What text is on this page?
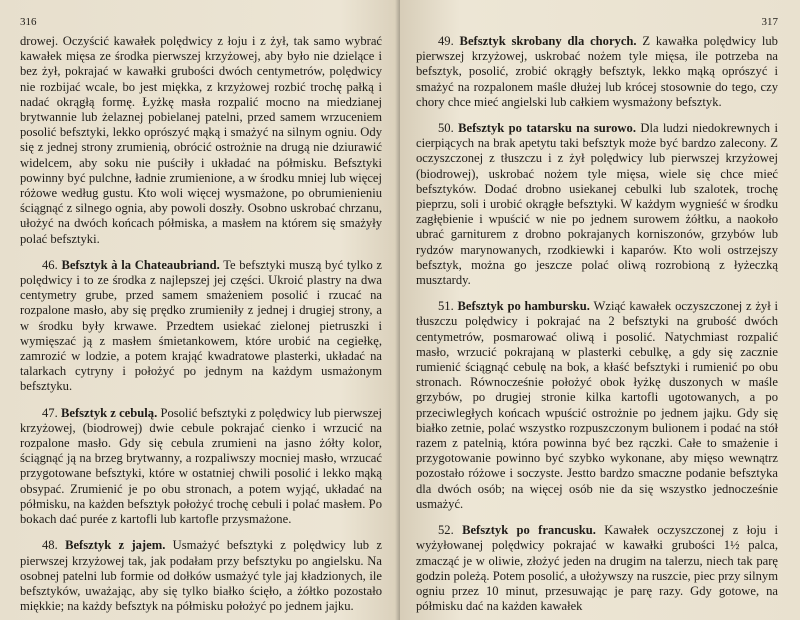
316

drowej. Oczyścić kawałek polędwicy z łoju i z żył, tak samo wybrać kawałek mięsa ze środka pierwszej krzyżowej, aby było nie dzielące i bez żył, pokrajać w kawałki grubości dwóch centymetrów, polędwicy nie rozbijać wcale, bo jest miękka, z krzyżowej rozbić trochę pałką i nadać okrągłą formę. Łyżkę masła rozpalić mocno na miedzianej brytwannie lub żelaznej pobielanej patelni, przed samem wrzuceniem posolić befsztyki, lekko oprószyć mąką i smażyć na silnym ogniu. Ody się z jednej strony zrumienią, obrócić ostrożnie na drugą nie dziurawić widelcem, aby soku nie puściły i układać na półmisku. Befsztyki powinny być pulchne, ładnie zrumienione, a w środku mniej lub więcej różowe według gustu. Kto woli więcej wysmażone, po obrumienieniu ściągnąć z silnego ognia, aby powoli doszły. Osobno uskrobać chrzanu, ułożyć na dwóch końcach półmiska, a masłem na którem się smażyły polać befsztyki.

46. Befsztyk à la Chateaubriand. Te befsztyki muszą być tylko z polędwicy i to ze środka z najlepszej jej części. Ukroić plastry na dwa centymetry grube, przed samem smażeniem posolić i rzucać na rozpalone masło, aby się prędko zrumieniły z jednej i drugiej strony, a w środku były krwawe. Przedtem usiekać zielonej pietruszki i wymięszać ją z masłem śmietankowem, które urobić na cegiełkę, zamrozić w lodzie, a potem krająć kwadratowe plasterki, układać na talarkach cytryny i położyć po jednym na każdym usmażonym befsztyku.

47. Befsztyk z cebulą. Posolić befsztyki z polędwicy lub pierwszej krzyżowej, (biodrowej) dwie cebule pokrajać cienko i wrzucić na rozpalone masło. Gdy się cebula zrumieni na jasno żółty kolor, ściągnąć ją na brzeg brytwanny, a rozpaliwszy mocniej masło, wrzucać przygotowane befsztyki, które w ostatniej chwili posolić i lekko mąką obsypać. Zrumienić je po obu stronach, a potem wyjąć, układać na półmisku, na każden befsztyk położyć trochę cebuli i polać masłem. Po bokach dać purée z kartofli lub kartofle przysmażone.

48. Befsztyk z jajem. Usmażyć befsztyki z polędwicy lub z pierwszej krzyżowej tak, jak podałam przy befsztyku po angielsku. Na osobnej patelni lub formie od dołków usmażyć tyle jaj kładzionych, ile befsztyków, uważając, aby się tylko białko ścięło, a żółtko pozostało miękkie; na każdy befsztyk na półmisku położyć po jednem jajku.

317

49. Befsztyk skrobany dla chorych. Z kawałka polędwicy lub pierwszej krzyżowej, uskrobać nożem tyle mięsa, ile potrzeba na befsztyk, posolić, zrobić okrągły befsztyk, lekko mąką oprószyć i smażyć na rozpalonem maśle dłużej lub krócej stosownie do tego, czy chory chce mieć angielski lub całkiem wysmażony befsztyk.

50. Befsztyk po tatarsku na surowo. Dla ludzi niedokrewnych i cierpiących na brak apetytu taki befsztyk może być bardzo zalecony. Z oczyszczonej z tłuszczu i z żył polędwicy lub pierwszej krzyżowej (biodrowej), uskrobać nożem tyle mięsa, wiele się chce mieć befsztyków. Dodać drobno usiekanej cebulki lub szalotek, trochę pieprzu, soli i urobić okrągłe befsztyki. W każdym wygnieść w środku zagłębienie i wpuścić w nie po jednem surowem żółtku, a naokoło ubrać garniturem z drobno pokrajanych korniszonów, grzybów lub rydzów marynowanych, rzodkiewki i kaparów. Kto woli ostrzejszy befsztyk, można go jeszcze polać oliwą rozrobioną z łyżeczką musztardy.

51. Befsztyk po hambursku. Wziąć kawałek oczyszczonej z żył i tłuszczu polędwicy i pokrajać na 2 befsztyki na grubość dwóch centymetrów, posmarować oliwą i posolić. Natychmiast rozpalić masło, wrzucić pokrajaną w plasterki cebulkę, a gdy się zacznie rumienić ściągnąć cebulę na bok, a kłaść befsztyki i rumienić po obu stronach. Równocześnie położyć obok łyżkę duszonych w maśle grzybów, po drugiej stronie kilka kartofli ugotowanych, a po przeciwległych końcach wpuścić ostrożnie po jednem jajku. Gdy się białko zetnie, polać wszystko rozpuszczonym bulionem i podać na stół razem z patelnią, która powinna być bez rączki. Całe to smażenie i przygotowanie powinno być szybko wykonane, aby mięso wewnątrz pozostało różowe i soczyste. Jestto bardzo smaczne podanie befsztyka dla dwóch osób; na więcej osób nie da się wszystko jednocześnie usmażyć.

52. Befsztyk po francusku. Kawałek oczyszczonej z łoju i wyżyłowanej polędwicy pokrajać w kawałki grubości 1½ palca, zmacząć je w oliwie, złożyć jeden na drugim na talerzu, niech tak parę godzin poleżą. Potem posolić, a ułożywszy na ruszcie, piec przy silnym ogniu przez 10 minut, przesuwając je parę razy. Gdy gotowe, na półmisku dać na każden kawałek
